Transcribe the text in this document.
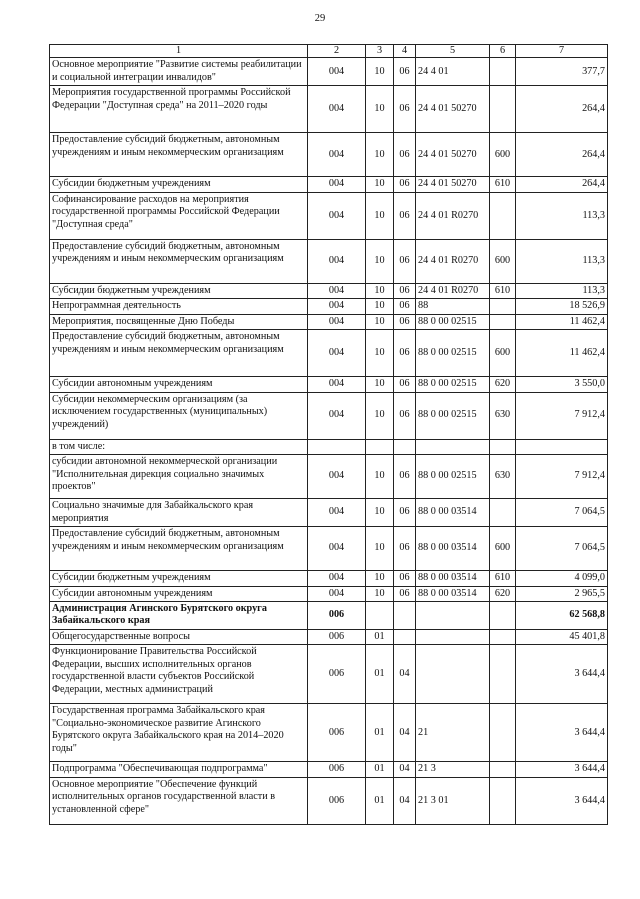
29
1	2	3	4	5	6	7
Основное мероприятие "Развитие системы реабилитации и социальной интеграции инвалидов"	004	10	06	24 4 01		377,7
Мероприятия государственной программы Российской Федерации "Доступная среда" на 2011–2020 годы	004	10	06	24 4 01 50270		264,4
Предоставление субсидий бюджетным, автономным учреждениям и иным некоммерческим организациям	004	10	06	24 4 01 50270	600	264,4
Субсидии бюджетным учреждениям	004	10	06	24 4 01 50270	610	264,4
Софинансирование расходов на мероприятия государственной программы Российской Федерации "Доступная среда"	004	10	06	24 4 01 R0270		113,3
Предоставление субсидий бюджетным, автономным учреждениям и иным некоммерческим организациям	004	10	06	24 4 01 R0270	600	113,3
Субсидии бюджетным учреждениям	004	10	06	24 4 01 R0270	610	113,3
Непрограммная деятельность	004	10	06	88		18 526,9
Мероприятия, посвященные Дню Победы	004	10	06	88 0 00 02515		11 462,4
Предоставление субсидий бюджетным, автономным учреждениям и иным некоммерческим организациям	004	10	06	88 0 00 02515	600	11 462,4
Субсидии автономным учреждениям	004	10	06	88 0 00 02515	620	3 550,0
Субсидии некоммерческим организациям (за исключением государственных (муниципальных) учреждений)	004	10	06	88 0 00 02515	630	7 912,4
в том числе:						
субсидии автономной некоммерческой организации "Исполнительная дирекция социально значимых проектов"	004	10	06	88 0 00 02515	630	7 912,4
Социально значимые для Забайкальского края мероприятия	004	10	06	88 0 00 03514		7 064,5
Предоставление субсидий бюджетным, автономным учреждениям и иным некоммерческим организациям	004	10	06	88 0 00 03514	600	7 064,5
Субсидии бюджетным учреждениям	004	10	06	88 0 00 03514	610	4 099,0
Субсидии автономным учреждениям	004	10	06	88 0 00 03514	620	2 965,5
Администрация Агинского Бурятского округа Забайкальского края	006					62 568,8
Общегосударственные вопросы	006	01				45 401,8
Функционирование Правительства Российской Федерации, высших исполнительных органов государственной власти субъектов Российской Федерации, местных администраций	006	01	04			3 644,4
Государственная программа Забайкальского края "Социально-экономическое развитие Агинского Бурятского округа Забайкальского края на 2014–2020 годы"	006	01	04	21		3 644,4
Подпрограмма "Обеспечивающая подпрограмма"	006	01	04	21 3		3 644,4
Основное мероприятие "Обеспечение функций исполнительных органов государственной власти в установленной сфере"	006	01	04	21 3 01		3 644,4
